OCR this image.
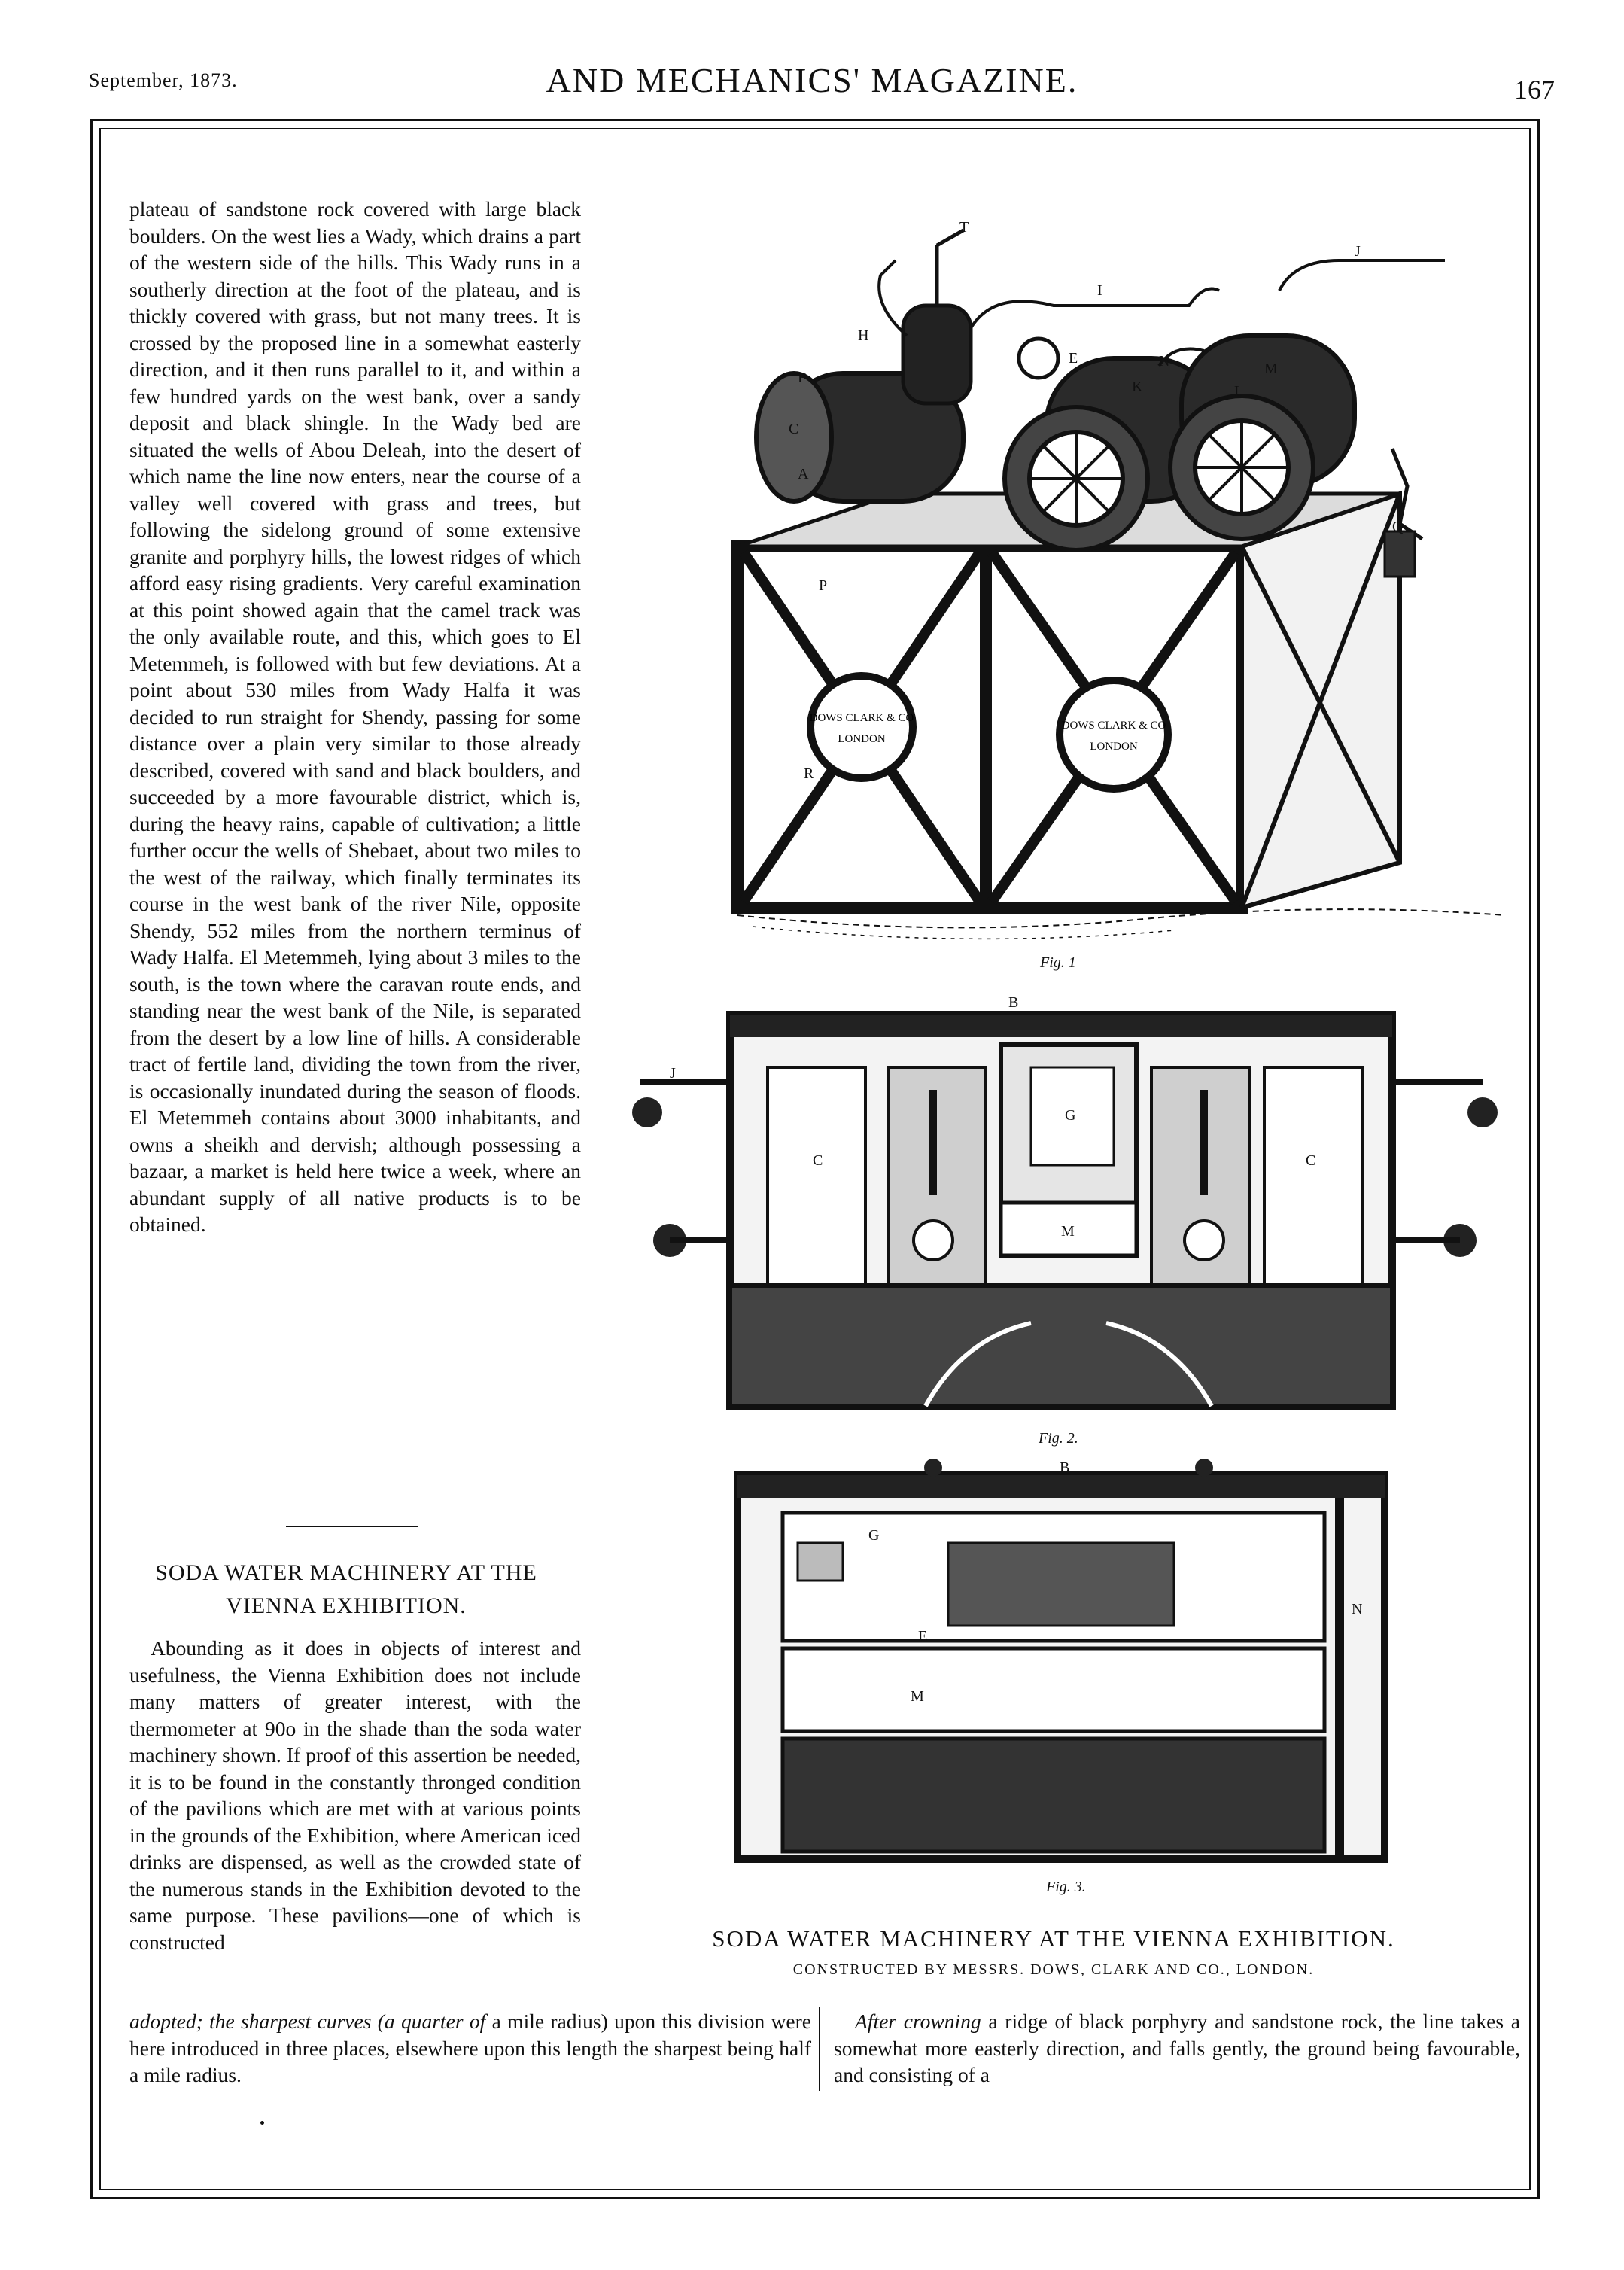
September, 1873.	AND MECHANICS' MAGAZINE.	167

plateau of sandstone rock covered with large black boulders. On the west lies a Wady, which drains a part of the western side of the hills. This Wady runs in a southerly direction at the foot of the plateau, and is thickly covered with grass, but not many trees. It is crossed by the proposed line in a somewhat easterly direction, and it then runs parallel to it, and within a few hundred yards on the west bank, over a sandy deposit and black shingle. In the Wady bed are situated the wells of Abou Deleah, into the desert of which name the line now enters, near the course of a valley well covered with grass and trees, but following the sidelong ground of some extensive granite and porphyry hills, the lowest ridges of which afford easy rising gradients. Very careful examination at this point showed again that the camel track was the only available route, and this, which goes to El Metemmeh, is followed with but few deviations. At a point about 530 miles from Wady Halfa it was decided to run straight for Shendy, passing for some distance over a plain very similar to those already described, covered with sand and black boulders, and succeeded by a more favourable district, which is, during the heavy rains, capable of cultivation; a little further occur the wells of Shebaet, about two miles to the west of the railway, which finally terminates its course in the west bank of the river Nile, opposite Shendy, 552 miles from the northern terminus of Wady Halfa. El Metemmeh, lying about 3 miles to the south, is the town where the caravan route ends, and standing near the west bank of the Nile, is separated from the desert by a low line of hills. A considerable tract of fertile land, dividing the town from the river, is occasionally inundated during the season of floods. El Metemmeh contains about 3000 inhabitants, and owns a sheikh and dervish; although possessing a bazaar, a market is held here twice a week, where an abundant supply of all native products is to be obtained.

SODA WATER MACHINERY AT THE
VIENNA EXHIBITION.

Abounding as it does in objects of interest and usefulness, the Vienna Exhibition does not include many matters of greater interest, with the thermometer at 90o in the shade than the soda water machinery shown. If proof of this assertion be needed, it is to be found in the constantly thronged condition of the pavilions which are met with at various points in the grounds of the Exhibition, where American iced drinks are dispensed, as well as the crowded state of the numerous stands in the Exhibition devoted to the same purpose. These pavilions—one of which is constructed

DOWS CLARK & CO
LONDON
DOWS CLARK & CO
LONDON
T
J
I
H
E
F
C
A
N	M
K	L
P
R
Q
Fig. 1
B
J
C
G
C
M
Fig. 2.
B
G
E
M
N
Fig. 3.
SODA WATER MACHINERY AT THE VIENNA EXHIBITION.
CONSTRUCTED BY MESSRS. DOWS, CLARK AND CO., LONDON.

adopted; the sharpest curves (a quarter of a mile radius) upon this division were here introduced in three places, elsewhere upon this length the sharpest being half a mile radius.

After crowning a ridge of black porphyry and sandstone rock, the line takes a somewhat more easterly direction, and falls gently, the ground being favourable, and consisting of a
